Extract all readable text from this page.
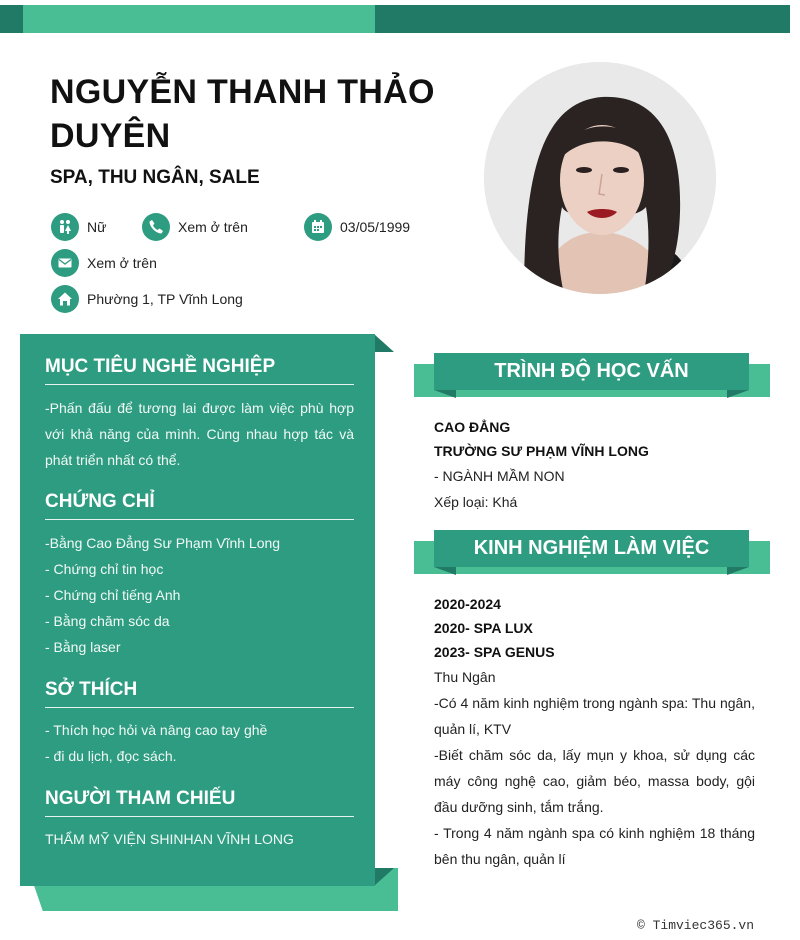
NGUYỄN THANH THẢO DUYÊN
SPA, THU NGÂN, SALE
Nữ	Xem ở trên	03/05/1999
Xem ở trên
Phường 1, TP Vĩnh Long
MỤC TIÊU NGHỀ NGHIỆP
-Phấn đấu để tương lai được làm việc phù hợp với khả năng của mình. Cùng nhau hợp tác và phát triển nhất có thể.
CHỨNG CHỈ
-Bằng Cao Đẳng Sư Phạm Vĩnh Long
- Chứng chỉ tin học
- Chứng chỉ tiếng Anh
- Bằng chăm sóc da
- Bằng laser
SỞ THÍCH
- Thích học hỏi và nâng cao tay ghề
- đi du lịch, đọc sách.
NGƯỜI THAM CHIẾU
THẨM MỸ VIỆN SHINHAN VĨNH LONG
TRÌNH ĐỘ HỌC VẤN
CAO ĐẲNG
TRƯỜNG SƯ PHẠM VĨNH LONG
- NGÀNH MẦM NON
Xếp loại: Khá
KINH NGHIỆM LÀM VIỆC
2020-2024
2020- SPA LUX
2023- SPA GENUS
Thu Ngân
-Có 4 năm kinh nghiệm trong ngành spa: Thu ngân, quản lí, KTV
-Biết chăm sóc da, lấy mụn y khoa, sử dụng các máy công nghệ cao, giảm béo, massa body, gội đầu dưỡng sinh, tắm trắng.
- Trong 4 năm ngành spa có kinh nghiệm 18 tháng bên thu ngân, quản lí
© Timviec365.vn
